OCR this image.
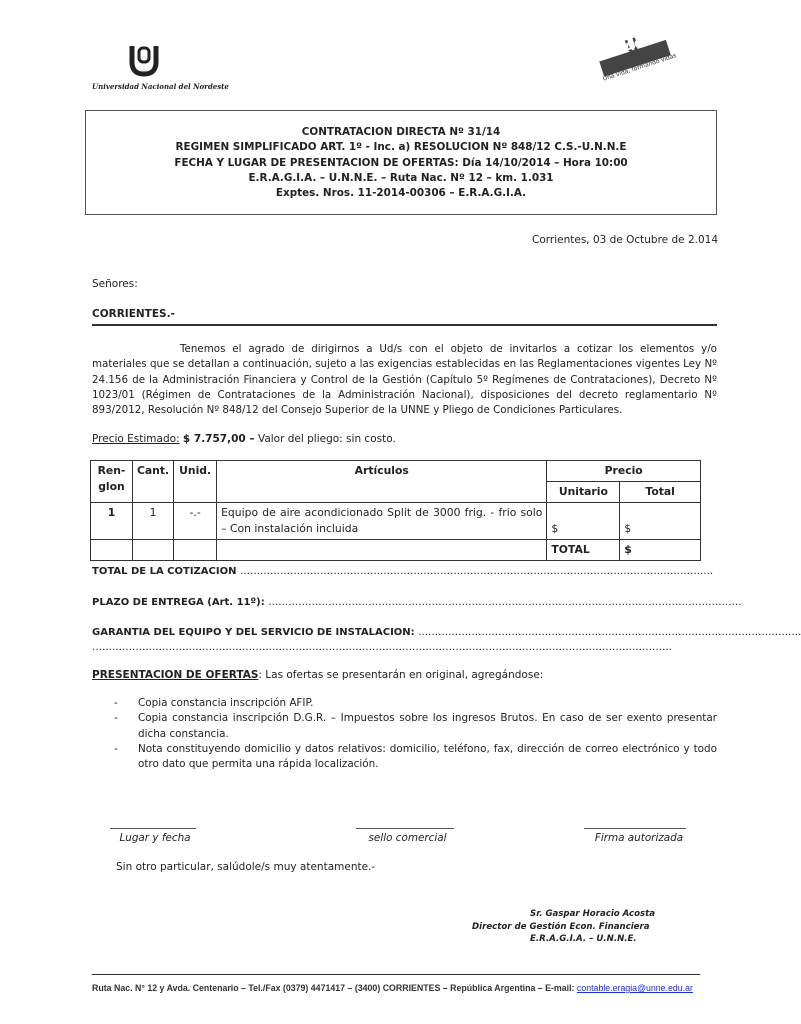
Universidad Nacional del Nordeste
ERAGIA
Una vida, formando vidas
CONTRATACION DIRECTA Nº 31/14
REGIMEN SIMPLIFICADO ART. 1º - Inc. a) RESOLUCION Nº 848/12 C.S.-U.N.N.E
FECHA Y LUGAR DE PRESENTACION DE OFERTAS: Día 14/10/2014 – Hora 10:00
E.R.A.G.I.A. – U.N.N.E. – Ruta Nac. Nº 12 – km. 1.031
Exptes. Nros. 11-2014-00306 – E.R.A.G.I.A.
Corrientes, 03 de Octubre de 2.014
Señores:
CORRIENTES.-
Tenemos el agrado de dirigirnos a Ud/s con el objeto de invitarlos a cotizar los elementos y/o materiales que se detallan a continuación, sujeto a las exigencias establecidas en las Reglamentaciones vigentes Ley Nº 24.156 de la Administración Financiera y Control de la Gestión (Capítulo 5º Regímenes de Contrataciones), Decreto Nº 1023/01 (Régimen de Contrataciones de la Administración Nacional), disposiciones del decreto reglamentario Nº 893/2012, Resolución Nº 848/12 del Consejo Superior de la UNNE y Pliego de Condiciones Particulares.
Precio Estimado: $ 7.757,00 – Valor del pliego: sin costo.
Ren-
glon	Cant.	Unid.	Artículos	Precio	
				Unitario	Total
1	1	-.-	Equipo de aire acondicionado Split de 3000 frig. - frio solo – Con instalación incluida	$	$
				TOTAL	$
TOTAL DE LA COTIZACION …………………………………………………………………………………………………………………………….
PLAZO DE ENTREGA (Art. 11º): …………………………………………………………………………………………………………………………….
GARANTIA DEL EQUIPO Y DEL SERVICIO DE INSTALACION: …………………………………………………………………………………………………….
…………………………………………………………………………………………………………………………………………………………
PRESENTACION DE OFERTAS: Las ofertas se presentarán en original, agregándose:
- Copia constancia inscripción AFIP.
- Copia constancia inscripción D.G.R. – Impuestos sobre los ingresos Brutos. En caso de ser exento presentar dicha constancia.
- Nota constituyendo domicilio y datos relativos: domicilio, teléfono, fax, dirección de correo electrónico y todo otro dato que permita una rápida localización.
Lugar y fecha	sello comercial	Firma autorizada
Sin otro particular, salúdole/s muy atentamente.-
Sr. Gaspar Horacio Acosta
Director de Gestión Econ. Financiera
E.R.A.G.I.A. – U.N.N.E.
Ruta Nac. N° 12 y Avda. Centenario – Tel./Fax (0379) 4471417 – (3400) CORRIENTES – República Argentina – E-mail: contable.eragia@unne.edu.ar
